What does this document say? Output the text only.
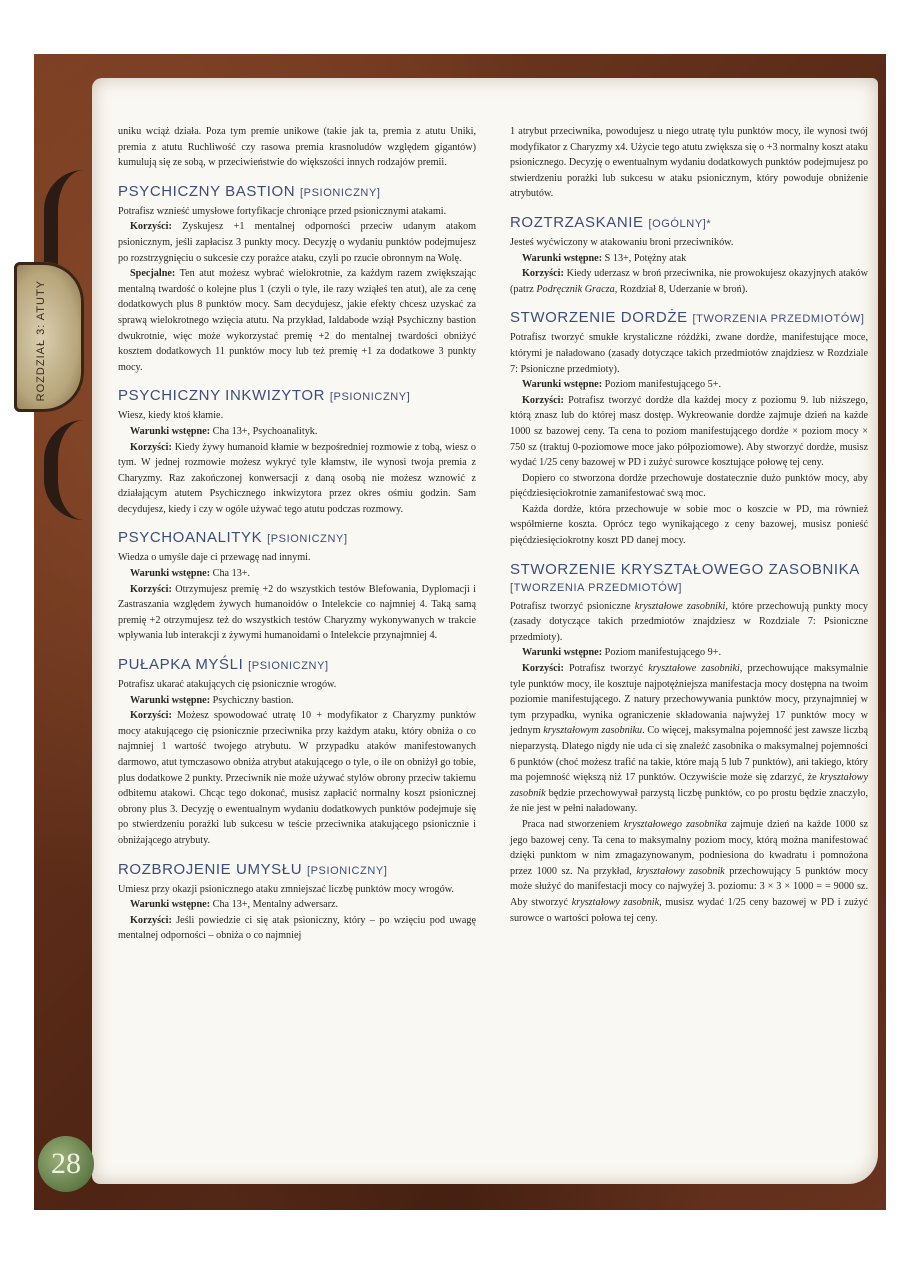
ROZDZIAŁ 3: ATUTY
28

uniku wciąż działa. Poza tym premie unikowe (takie jak ta, premia z atutu Uniki, premia z atutu Ruchliwość czy rasowa premia krasnoludów względem gigantów) kumulują się ze sobą, w przeciwieństwie do większości innych rodzajów premii.

PSYCHICZNY BASTION [PSIONICZNY]

Potrafisz wznieść umysłowe fortyfikacje chroniące przed psionicznymi atakami.

Korzyści: Zyskujesz +1 mentalnej odporności przeciw udanym atakom psionicznym, jeśli zapłacisz 3 punkty mocy. Decyzję o wydaniu punktów podejmujesz po rozstrzygnięciu o sukcesie czy porażce ataku, czyli po rzucie obronnym na Wolę.

Specjalne: Ten atut możesz wybrać wielokrotnie, za każdym razem zwiększając mentalną twardość o kolejne plus 1 (czyli o tyle, ile razy wziąłeś ten atut), ale za cenę dodatkowych plus 8 punktów mocy. Sam decydujesz, jakie efekty chcesz uzyskać za sprawą wielokrotnego wzięcia atutu. Na przykład, Ialdabode wziął Psychiczny bastion dwukrotnie, więc może wykorzystać premię +2 do mentalnej twardości obniżyć kosztem dodatkowych 11 punktów mocy lub też premię +1 za dodatkowe 3 punkty mocy.

PSYCHICZNY INKWIZYTOR [PSIONICZNY]

Wiesz, kiedy ktoś kłamie.

Warunki wstępne: Cha 13+, Psychoanalityk.

Korzyści: Kiedy żywy humanoid kłamie w bezpośredniej rozmowie z tobą, wiesz o tym. W jednej rozmowie możesz wykryć tyle kłamstw, ile wynosi twoja premia z Charyzmy. Raz zakończonej konwersacji z daną osobą nie możesz wznowić z działającym atutem Psychicznego inkwizytora przez okres ośmiu godzin. Sam decydujesz, kiedy i czy w ogóle używać tego atutu podczas rozmowy.

PSYCHOANALITYK [PSIONICZNY]

Wiedza o umyśle daje ci przewagę nad innymi.

Warunki wstępne: Cha 13+.

Korzyści: Otrzymujesz premię +2 do wszystkich testów Blefowania, Dyplomacji i Zastraszania względem żywych humanoidów o Intelekcie co najmniej 4. Taką samą premię +2 otrzymujesz też do wszystkich testów Charyzmy wykonywanych w trakcie wpływania lub interakcji z żywymi humanoidami o Intelekcie przynajmniej 4.

PUŁAPKA MYŚLI [PSIONICZNY]

Potrafisz ukarać atakujących cię psionicznie wrogów.

Warunki wstępne: Psychiczny bastion.

Korzyści: Możesz spowodować utratę 10 + modyfikator z Charyzmy punktów mocy atakującego cię psionicznie przeciwnika przy każdym ataku, który obniża o co najmniej 1 wartość twojego atrybutu. W przypadku ataków manifestowanych darmowo, atut tymczasowo obniża atrybut atakującego o tyle, o ile on obniżył go tobie, plus dodatkowe 2 punkty. Przeciwnik nie może używać stylów obrony przeciw takiemu odbitemu atakowi. Chcąc tego dokonać, musisz zapłacić normalny koszt psionicznej obrony plus 3. Decyzję o ewentualnym wydaniu dodatkowych punktów podejmuje się po stwierdzeniu porażki lub sukcesu w teście przeciwnika atakującego psionicznie i obniżającego atrybuty.

ROZBROJENIE UMYSŁU [PSIONICZNY]

Umiesz przy okazji psionicznego ataku zmniejszać liczbę punktów mocy wrogów.

Warunki wstępne: Cha 13+, Mentalny adwersarz.

Korzyści: Jeśli powiedzie ci się atak psioniczny, który – po wzięciu pod uwagę mentalnej odporności – obniża o co najmniej

1 atrybut przeciwnika, powodujesz u niego utratę tylu punktów mocy, ile wynosi twój modyfikator z Charyzmy x4. Użycie tego atutu zwiększa się o +3 normalny koszt ataku psionicznego. Decyzję o ewentualnym wydaniu dodatkowych punktów podejmujesz po stwierdzeniu porażki lub sukcesu w ataku psionicznym, który powoduje obniżenie atrybutów.

ROZTRZASKANIE [OGÓLNY]*

Jesteś wyćwiczony w atakowaniu broni przeciwników.

Warunki wstępne: S 13+, Potężny atak

Korzyści: Kiedy uderzasz w broń przeciwnika, nie prowokujesz okazyjnych ataków (patrz Podręcznik Gracza, Rozdział 8, Uderzanie w broń).

STWORZENIE DORDŻE [TWORZENIA PRZEDMIOTÓW]

Potrafisz tworzyć smukłe krystaliczne różdżki, zwane dordże, manifestujące moce, którymi je naładowano (zasady dotyczące takich przedmiotów znajdziesz w Rozdziale 7: Psioniczne przedmioty).

Warunki wstępne: Poziom manifestującego 5+.

Korzyści: Potrafisz tworzyć dordże dla każdej mocy z poziomu 9. lub niższego, którą znasz lub do której masz dostęp. Wykreowanie dordże zajmuje dzień na każde 1000 sz bazowej ceny. Ta cena to poziom manifestującego dordże × poziom mocy × 750 sz (traktuj 0-poziomowe moce jako półpoziomowe). Aby stworzyć dordże, musisz wydać 1/25 ceny bazowej w PD i zużyć surowce kosztujące połowę tej ceny.

Dopiero co stworzona dordże przechowuje dostatecznie dużo punktów mocy, aby pięćdziesięciokrotnie zamanifestować swą moc.

Każda dordże, która przechowuje w sobie moc o koszcie w PD, ma również współmierne koszta. Oprócz tego wynikającego z ceny bazowej, musisz ponieść pięćdziesięciokrotny koszt PD danej mocy.

STWORZENIE KRYSZTAŁOWEGO ZASOBNIKA
[TWORZENIA PRZEDMIOTÓW]

Potrafisz tworzyć psioniczne kryształowe zasobniki, które przechowują punkty mocy (zasady dotyczące takich przedmiotów znajdziesz w Rozdziale 7: Psioniczne przedmioty).

Warunki wstępne: Poziom manifestującego 9+.

Korzyści: Potrafisz tworzyć kryształowe zasobniki, przechowujące maksymalnie tyle punktów mocy, ile kosztuje najpotężniejsza manifestacja mocy dostępna na twoim poziomie manifestującego. Z natury przechowywania punktów mocy, przynajmniej w tym przypadku, wynika ograniczenie składowania najwyżej 17 punktów mocy w jednym kryształowym zasobniku. Co więcej, maksymalna pojemność jest zawsze liczbą nieparzystą. Dlatego nigdy nie uda ci się znaleźć zasobnika o maksymalnej pojemności 6 punktów (choć możesz trafić na takie, które mają 5 lub 7 punktów), ani takiego, który ma pojemność większą niż 17 punktów. Oczywiście może się zdarzyć, że kryształowy zasobnik będzie przechowywał parzystą liczbę punktów, co po prostu będzie znaczyło, że nie jest w pełni naładowany.

Praca nad stworzeniem kryształowego zasobnika zajmuje dzień na każde 1000 sz jego bazowej ceny. Ta cena to maksymalny poziom mocy, którą można manifestować dzięki punktom w nim zmagazynowanym, podniesiona do kwadratu i pomnożona przez 1000 sz. Na przykład, kryształowy zasobnik przechowujący 5 punktów mocy może służyć do manifestacji mocy co najwyżej 3. poziomu: 3 × 3 × 1000 = = 9000 sz. Aby stworzyć kryształowy zasobnik, musisz wydać 1/25 ceny bazowej w PD i zużyć surowce o wartości połowa tej ceny.
